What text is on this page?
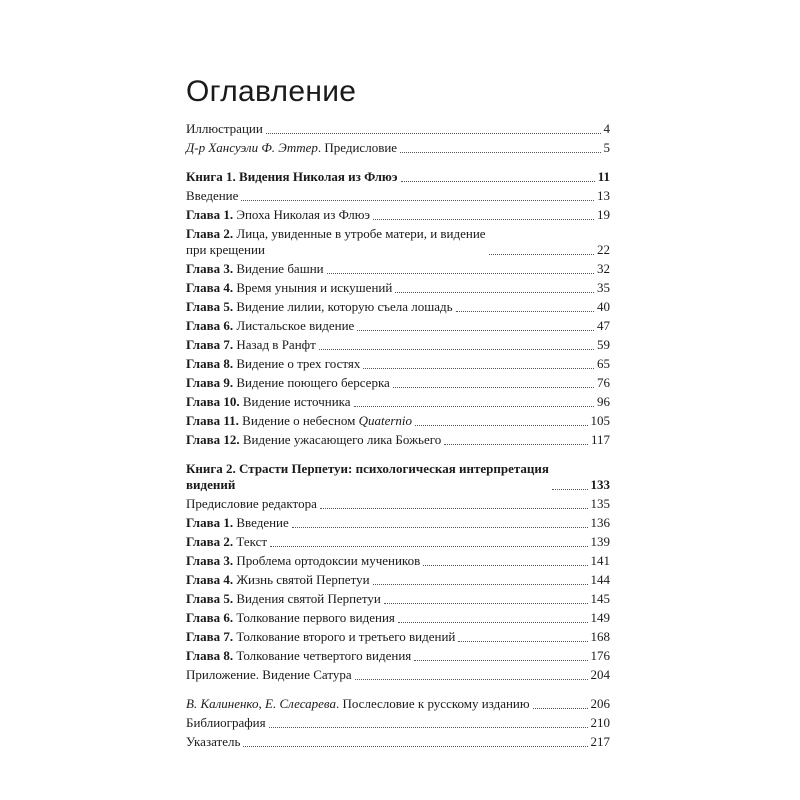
Оглавление
Иллюстрации	4
Д-р Хансуэли Ф. Эттер. Предисловие	5
Книга 1. Видения Николая из Флюэ	11
Введение	13
Глава 1. Эпоха Николая из Флюэ	19
Глава 2. Лица, увиденные в утробе матери, и видение
при крещении	22
Глава 3. Видение башни	32
Глава 4. Время уныния и искушений	35
Глава 5. Видение лилии, которую съела лошадь	40
Глава 6. Листальское видение	47
Глава 7. Назад в Ранфт	59
Глава 8. Видение о трех гостях	65
Глава 9. Видение поющего берсерка	76
Глава 10. Видение источника	96
Глава 11. Видение о небесном Quaternio	105
Глава 12. Видение ужасающего лика Божьего	117
Книга 2. Страсти Перпетуи: психологическая интерпретация
видений	133
Предисловие редактора	135
Глава 1. Введение	136
Глава 2. Текст	139
Глава 3. Проблема ортодоксии мучеников	141
Глава 4. Жизнь святой Перпетуи	144
Глава 5. Видения святой Перпетуи	145
Глава 6. Толкование первого видения	149
Глава 7. Толкование второго и третьего видений	168
Глава 8. Толкование четвертого видения	176
Приложение. Видение Сатура	204
В. Калиненко, Е. Слесарева. Послесловие к русскому изданию	206
Библиография	210
Указатель	217
